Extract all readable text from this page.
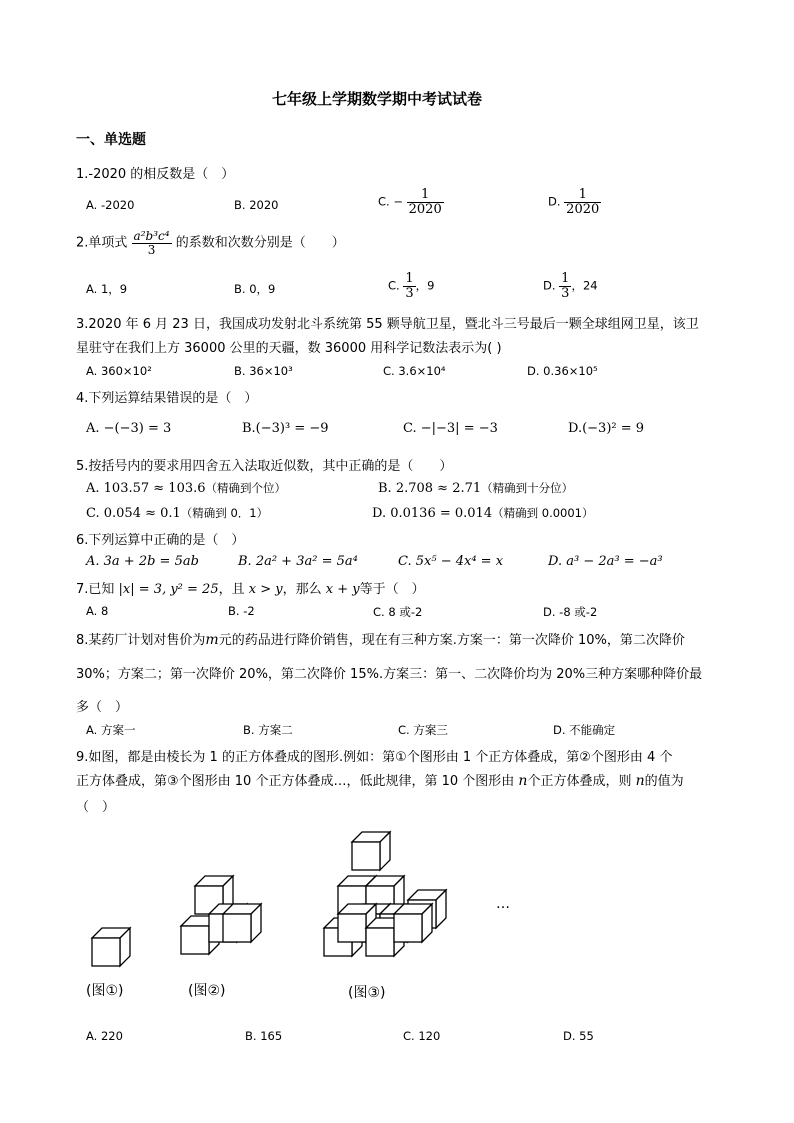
七年级上学期数学期中考试试卷
一、单选题
1.-2020 的相反数是（　）
A. -2020	B. 2020	C. − $\frac{1}{2020}$	D. $\frac{1}{2020}$
2.单项式 $\frac{\text{a²b³c⁴}}{3}$ 的系数和次数分别是（　　）
A. 1，9	B. 0，9	C. $\frac{1}{3}$ ，9	D. $\frac{1}{3}$ ，24
3.2020 年 6 月 23 日，我国成功发射北斗系统第 55 颗导航卫星，暨北斗三号最后一颗全球组网卫星，该卫
星驻守在我们上方 36000 公里的天疆，数 36000 用科学记数法表示为( )
A. 360×10²	B. 36×10³	C. 3.6×10⁴	D. 0.36×10⁵
4.下列运算结果错误的是（　）
A. −(−3) = 3	B.(−3)³ = −9	C. −|−3| = −3	D.(−3)² = 9
5.按括号内的要求用四舍五入法取近似数，其中正确的是（　　）
A. 103.57 ≈ 103.6（精确到个位）	B. 2.708 ≈ 2.71（精确到十分位）
C. 0.054 ≈ 0.1（精确到 0．1）	D. 0.0136 = 0.014（精确到 0.0001）
6.下列运算中正确的是（　）
A. 3a + 2b = 5ab	B. 2a² + 3a² = 5a⁴	C. 5x⁵ − 4x⁴ = x	D. a³ − 2a³ = −a³
7.已知 |x| = 3, y² = 25，且 x > y，那么 x + y等于（　）
A. 8	B. -2	C. 8 或-2	D. -8 或-2
8.某药厂计划对售价为m元的药品进行降价销售，现在有三种方案.方案一：第一次降价 10%，第二次降价
30%；方案二；第一次降价 20%，第二次降价 15%.方案三：第一、二次降价均为 20%三种方案哪种降价最
多（　）
A. 方案一	B. 方案二	C. 方案三	D. 不能确定
9.如图，都是由棱长为 1 的正方体叠成的图形.例如：第①个图形由 1 个正方体叠成，第②个图形由 4 个
正方体叠成，第③个图形由 10 个正方体叠成…，低此规律，第 10 个图形由 n个正方体叠成，则 n的值为
（　）
…
(图①)	(图②)	(图③)
A. 220	B. 165	C. 120	D. 55
